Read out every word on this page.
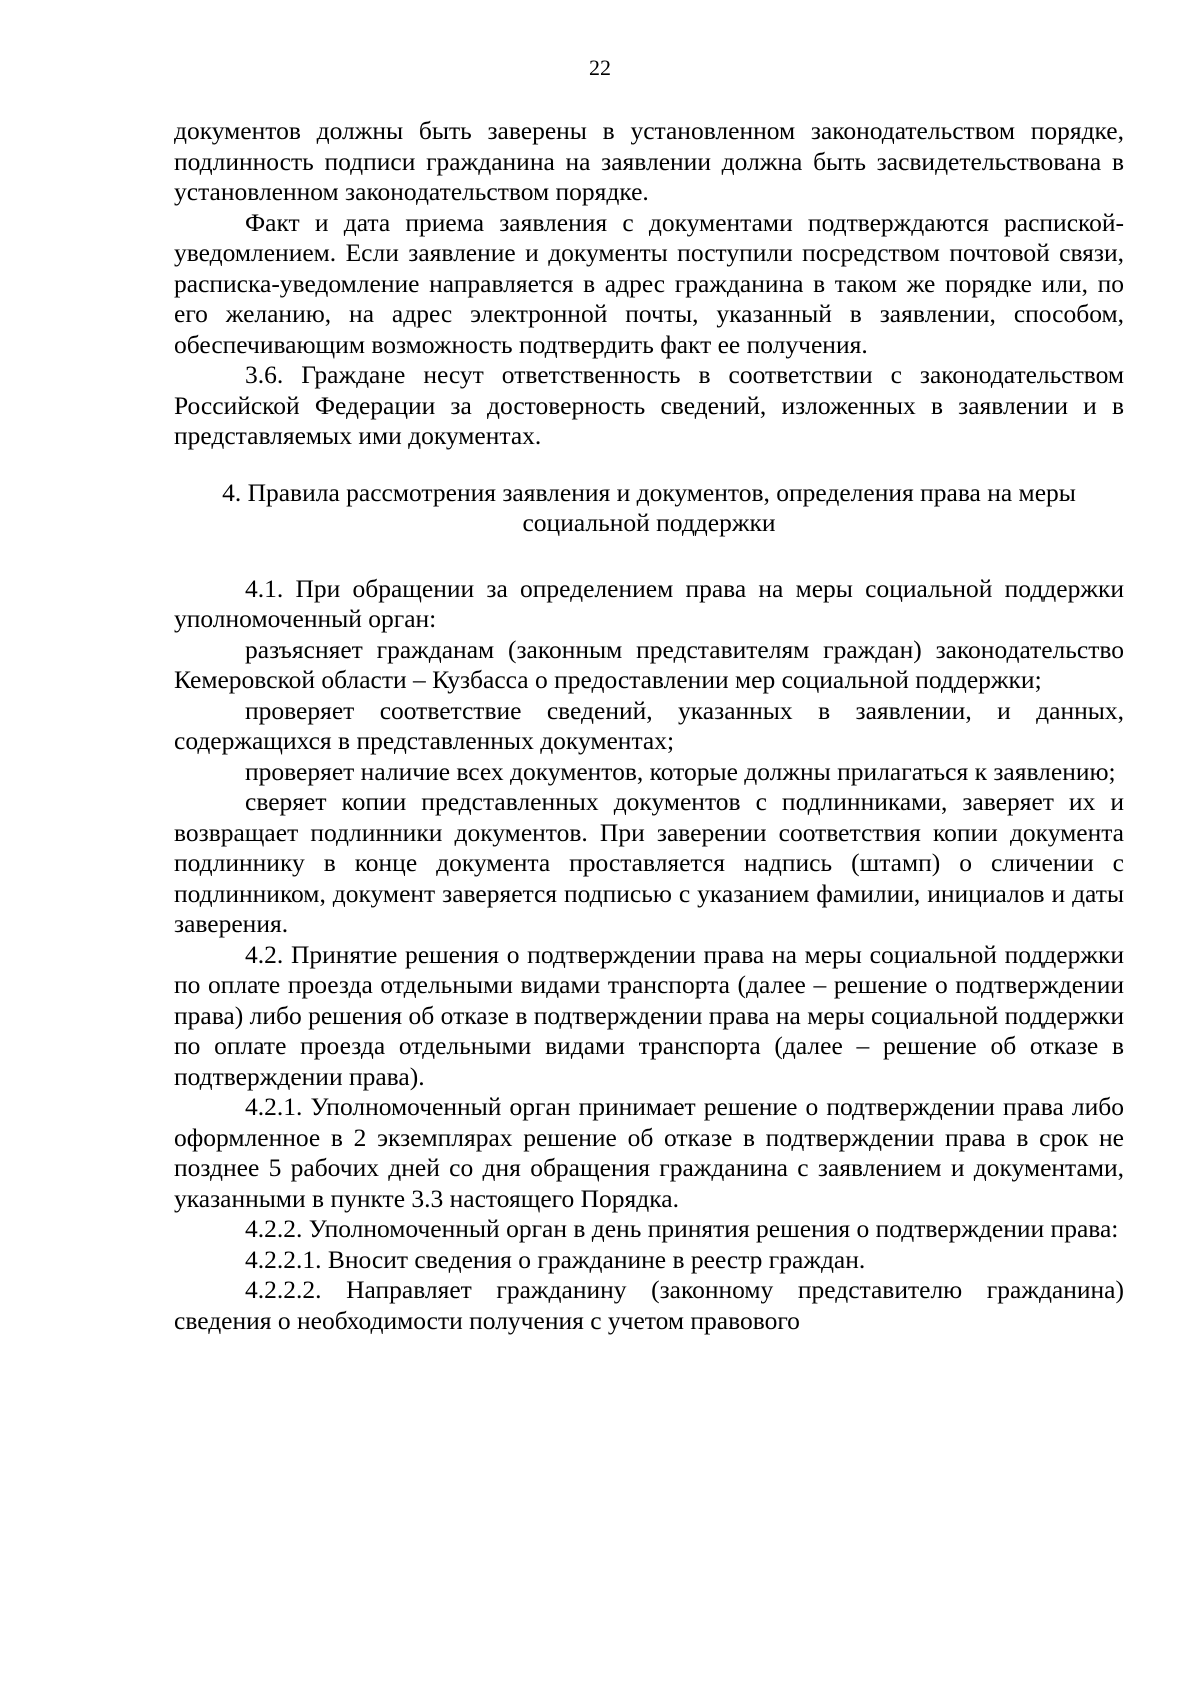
22

документов должны быть заверены в установленном законодательством порядке, подлинность подписи гражданина на заявлении должна быть засвидетельствована в установленном законодательством порядке.

Факт и дата приема заявления с документами подтверждаются распиской-уведомлением. Если заявление и документы поступили посредством почтовой связи, расписка-уведомление направляется в адрес гражданина в таком же порядке или, по его желанию, на адрес электронной почты, указанный в заявлении, способом, обеспечивающим возможность подтвердить факт ее получения.

3.6. Граждане несут ответственность в соответствии с законодательством Российской Федерации за достоверность сведений, изложенных в заявлении и в представляемых ими документах.

4. Правила рассмотрения заявления и документов, определения права на меры социальной поддержки

4.1. При обращении за определением права на меры социальной поддержки уполномоченный орган:

разъясняет гражданам (законным представителям граждан) законодательство Кемеровской области – Кузбасса о предоставлении мер социальной поддержки;

проверяет соответствие сведений, указанных в заявлении, и данных, содержащихся в представленных документах;

проверяет наличие всех документов, которые должны прилагаться к заявлению;

сверяет копии представленных документов с подлинниками, заверяет их и возвращает подлинники документов. При заверении соответствия копии документа подлиннику в конце документа проставляется надпись (штамп) о сличении с подлинником, документ заверяется подписью с указанием фамилии, инициалов и даты заверения.

4.2. Принятие решения о подтверждении права на меры социальной поддержки по оплате проезда отдельными видами транспорта (далее – решение о подтверждении права) либо решения об отказе в подтверждении права на меры социальной поддержки по оплате проезда отдельными видами транспорта (далее – решение об отказе в подтверждении права).

4.2.1. Уполномоченный орган принимает решение о подтверждении права либо оформленное в 2 экземплярах решение об отказе в подтверждении права в срок не позднее 5 рабочих дней со дня обращения гражданина с заявлением и документами, указанными в пункте 3.3 настоящего Порядка.

4.2.2. Уполномоченный орган в день принятия решения о подтверждении права:

4.2.2.1. Вносит сведения о гражданине в реестр граждан.

4.2.2.2. Направляет гражданину (законному представителю гражданина) сведения о необходимости получения с учетом правового
